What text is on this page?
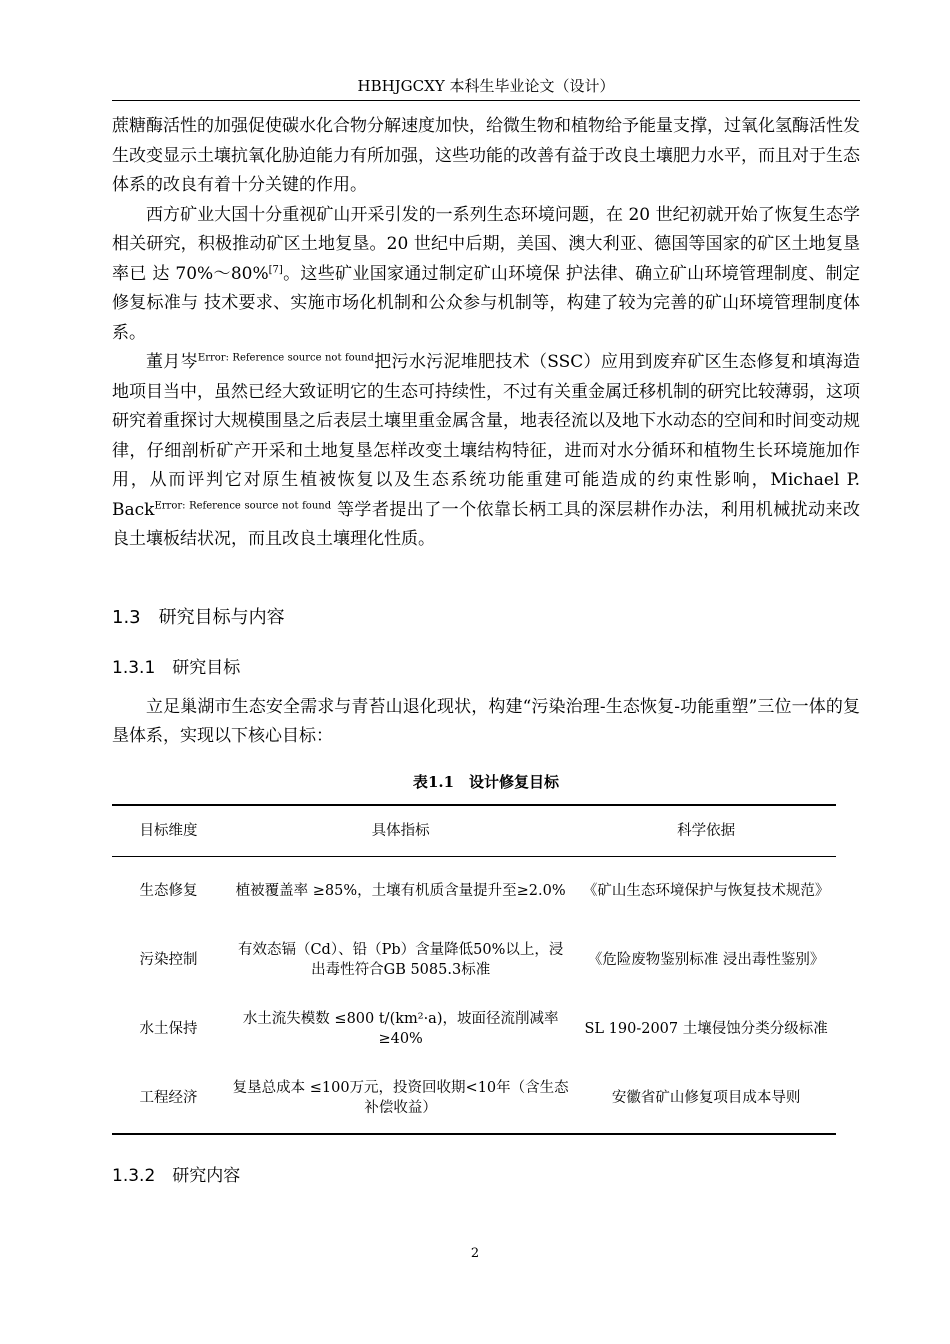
HBHJGCXY 本科生毕业论文（设计）

蔗糖酶活性的加强促使碳水化合物分解速度加快，给微生物和植物给予能量支撑，过氧化氢酶活性发生改变显示土壤抗氧化胁迫能力有所加强，这些功能的改善有益于改良土壤肥力水平，而且对于生态体系的改良有着十分关键的作用。

西方矿业大国十分重视矿山开采引发的一系列生态环境问题，在 20 世纪初就开始了恢复生态学相关研究，积极推动矿区土地复垦。20 世纪中后期，美国、澳大利亚、德国等国家的矿区土地复垦率已 达 70%～80%[7]。这些矿业国家通过制定矿山环境保 护法律、确立矿山环境管理制度、制定修复标准与 技术要求、实施市场化机制和公众参与机制等，构建了较为完善的矿山环境管理制度体系。

董月岑$^{Error: Reference source not found}$把污水污泥堆肥技术（SSC）应用到废弃矿区生态修复和填海造地项目当中，虽然已经大致证明它的生态可持续性，不过有关重金属迁移机制的研究比较薄弱，这项研究着重探讨大规模围垦之后表层土壤里重金属含量，地表径流以及地下水动态的空间和时间变动规律，仔细剖析矿产开采和土地复垦怎样改变土壤结构特征，进而对水分循环和植物生长环境施加作用，从而评判它对原生植被恢复以及生态系统功能重建可能造成的约束性影响，Michael P. Back$^{Error: Reference source not found}$ 等学者提出了一个依靠长柄工具的深层耕作办法，利用机械扰动来改良土壤板结状况，而且改良土壤理化性质。

1.3　研究目标与内容
1.3.1　研究目标

立足巢湖市生态安全需求与青苔山退化现状，构建“污染治理-生态恢复-功能重塑”三位一体的复垦体系，实现以下核心目标：

表1.1　设计修复目标
目标维度	具体指标	科学依据
生态修复	植被覆盖率 ≥85%，土壤有机质含量提升至≥2.0%	《矿山生态环境保护与恢复技术规范》
污染控制	有效态镉（Cd）、铅（Pb）含量降低50%以上，浸出毒性符合GB 5085.3标准	《危险废物鉴别标准 浸出毒性鉴别》
水土保持	水土流失模数 ≤800 t/(km²·a)，坡面径流削减率≥40%	SL 190-2007 土壤侵蚀分类分级标准
工程经济	复垦总成本 ≤100万元，投资回收期<10年（含生态补偿收益）	安徽省矿山修复项目成本导则
1.3.2　研究内容
2
